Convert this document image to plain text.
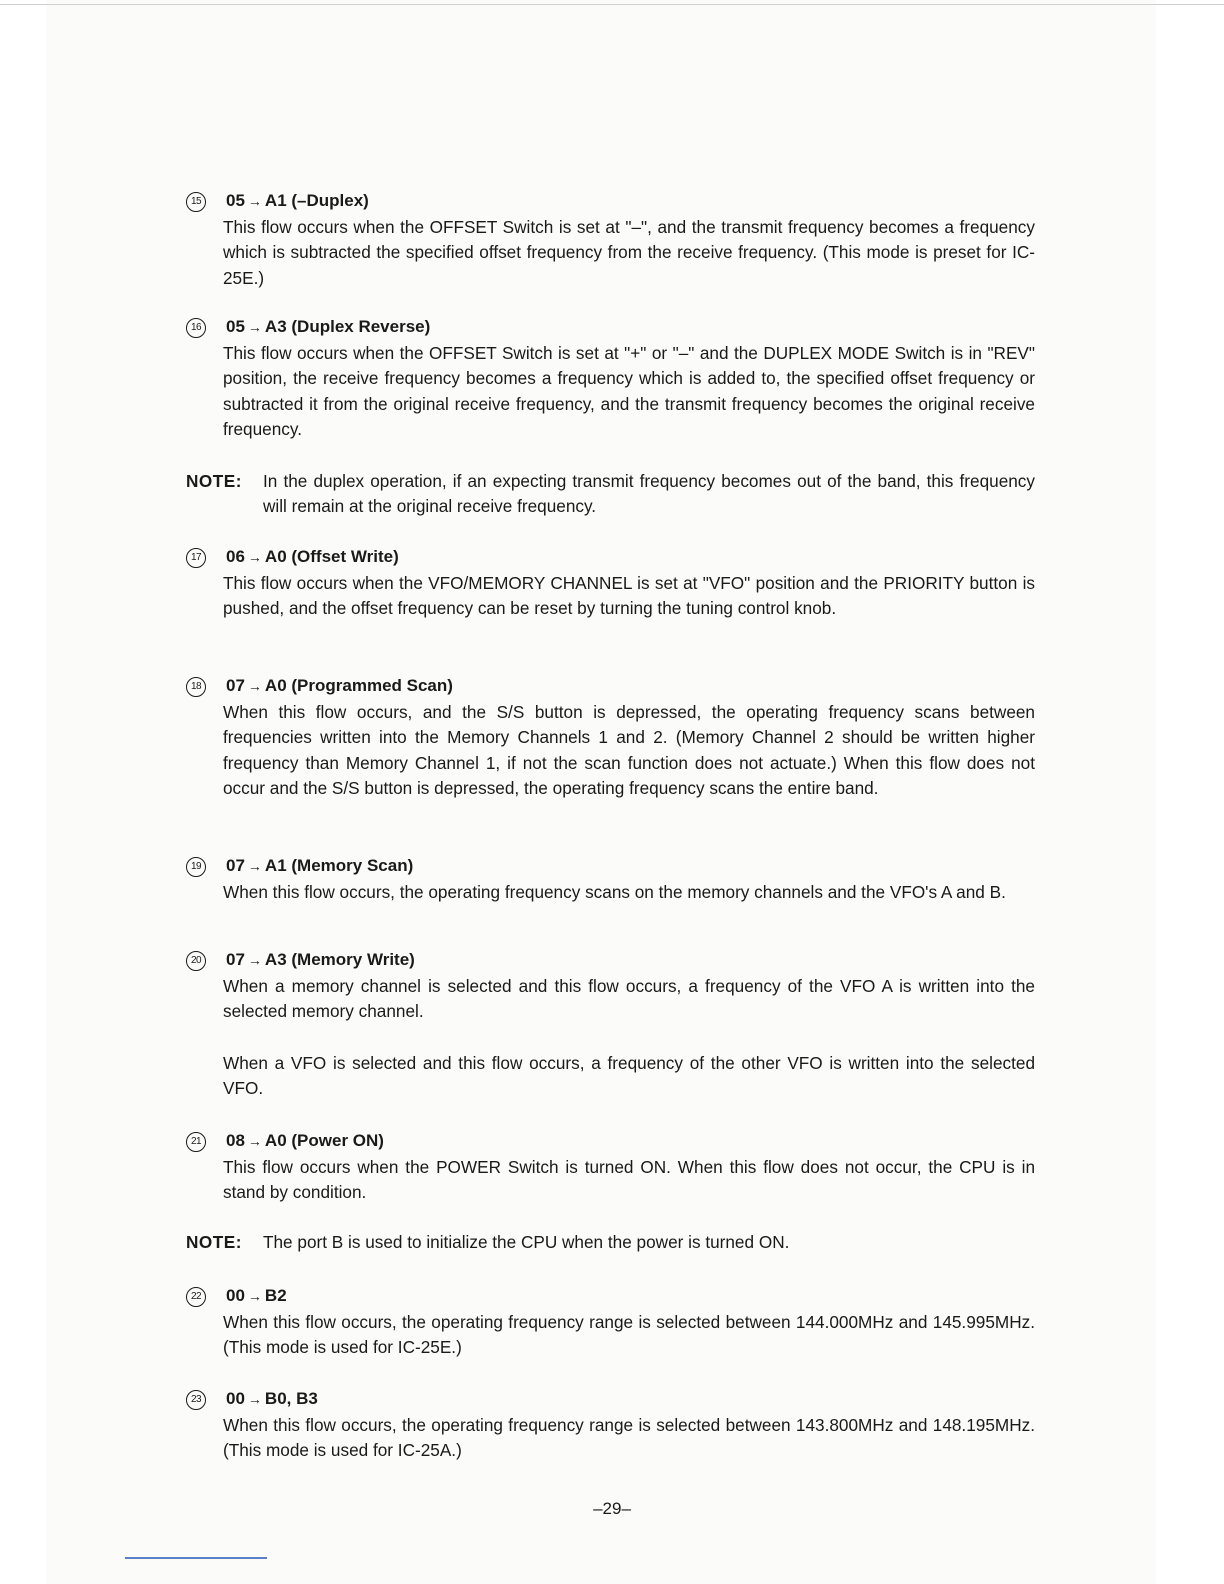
15 05 → A1 (–Duplex)

This flow occurs when the OFFSET Switch is set at "–", and the transmit frequency becomes a frequency which is subtracted the specified offset frequency from the receive frequency. (This mode is preset for IC-25E.)

16 05 → A3 (Duplex Reverse)

This flow occurs when the OFFSET Switch is set at "+" or "–" and the DUPLEX MODE Switch is in "REV" position, the receive frequency becomes a frequency which is added to, the specified offset frequency or subtracted it from the original receive frequency, and the transmit frequency becomes the original receive frequency.

NOTE: In the duplex operation, if an expecting transmit frequency becomes out of the band, this frequency will remain at the original receive frequency.
17 06 → A0 (Offset Write)

This flow occurs when the VFO/MEMORY CHANNEL is set at "VFO" position and the PRIORITY button is pushed, and the offset frequency can be reset by turning the tuning control knob.

18 07 → A0 (Programmed Scan)

When this flow occurs, and the S/S button is depressed, the operating frequency scans between frequencies written into the Memory Channels 1 and 2. (Memory Channel 2 should be written higher frequency than Memory Channel 1, if not the scan function does not actuate.) When this flow does not occur and the S/S button is depressed, the operating frequency scans the entire band.

19 07 → A1 (Memory Scan)

When this flow occurs, the operating frequency scans on the memory channels and the VFO's A and B.

20 07 → A3 (Memory Write)

When a memory channel is selected and this flow occurs, a frequency of the VFO A is written into the selected memory channel.

When a VFO is selected and this flow occurs, a frequency of the other VFO is written into the selected VFO.

21 08 → A0 (Power ON)

This flow occurs when the POWER Switch is turned ON. When this flow does not occur, the CPU is in stand by condition.

NOTE: The port B is used to initialize the CPU when the power is turned ON.
22 00 → B2

When this flow occurs, the operating frequency range is selected between 144.000MHz and 145.995MHz. (This mode is used for IC-25E.)

23 00 → B0, B3

When this flow occurs, the operating frequency range is selected between 143.800MHz and 148.195MHz. (This mode is used for IC-25A.)

–29–
